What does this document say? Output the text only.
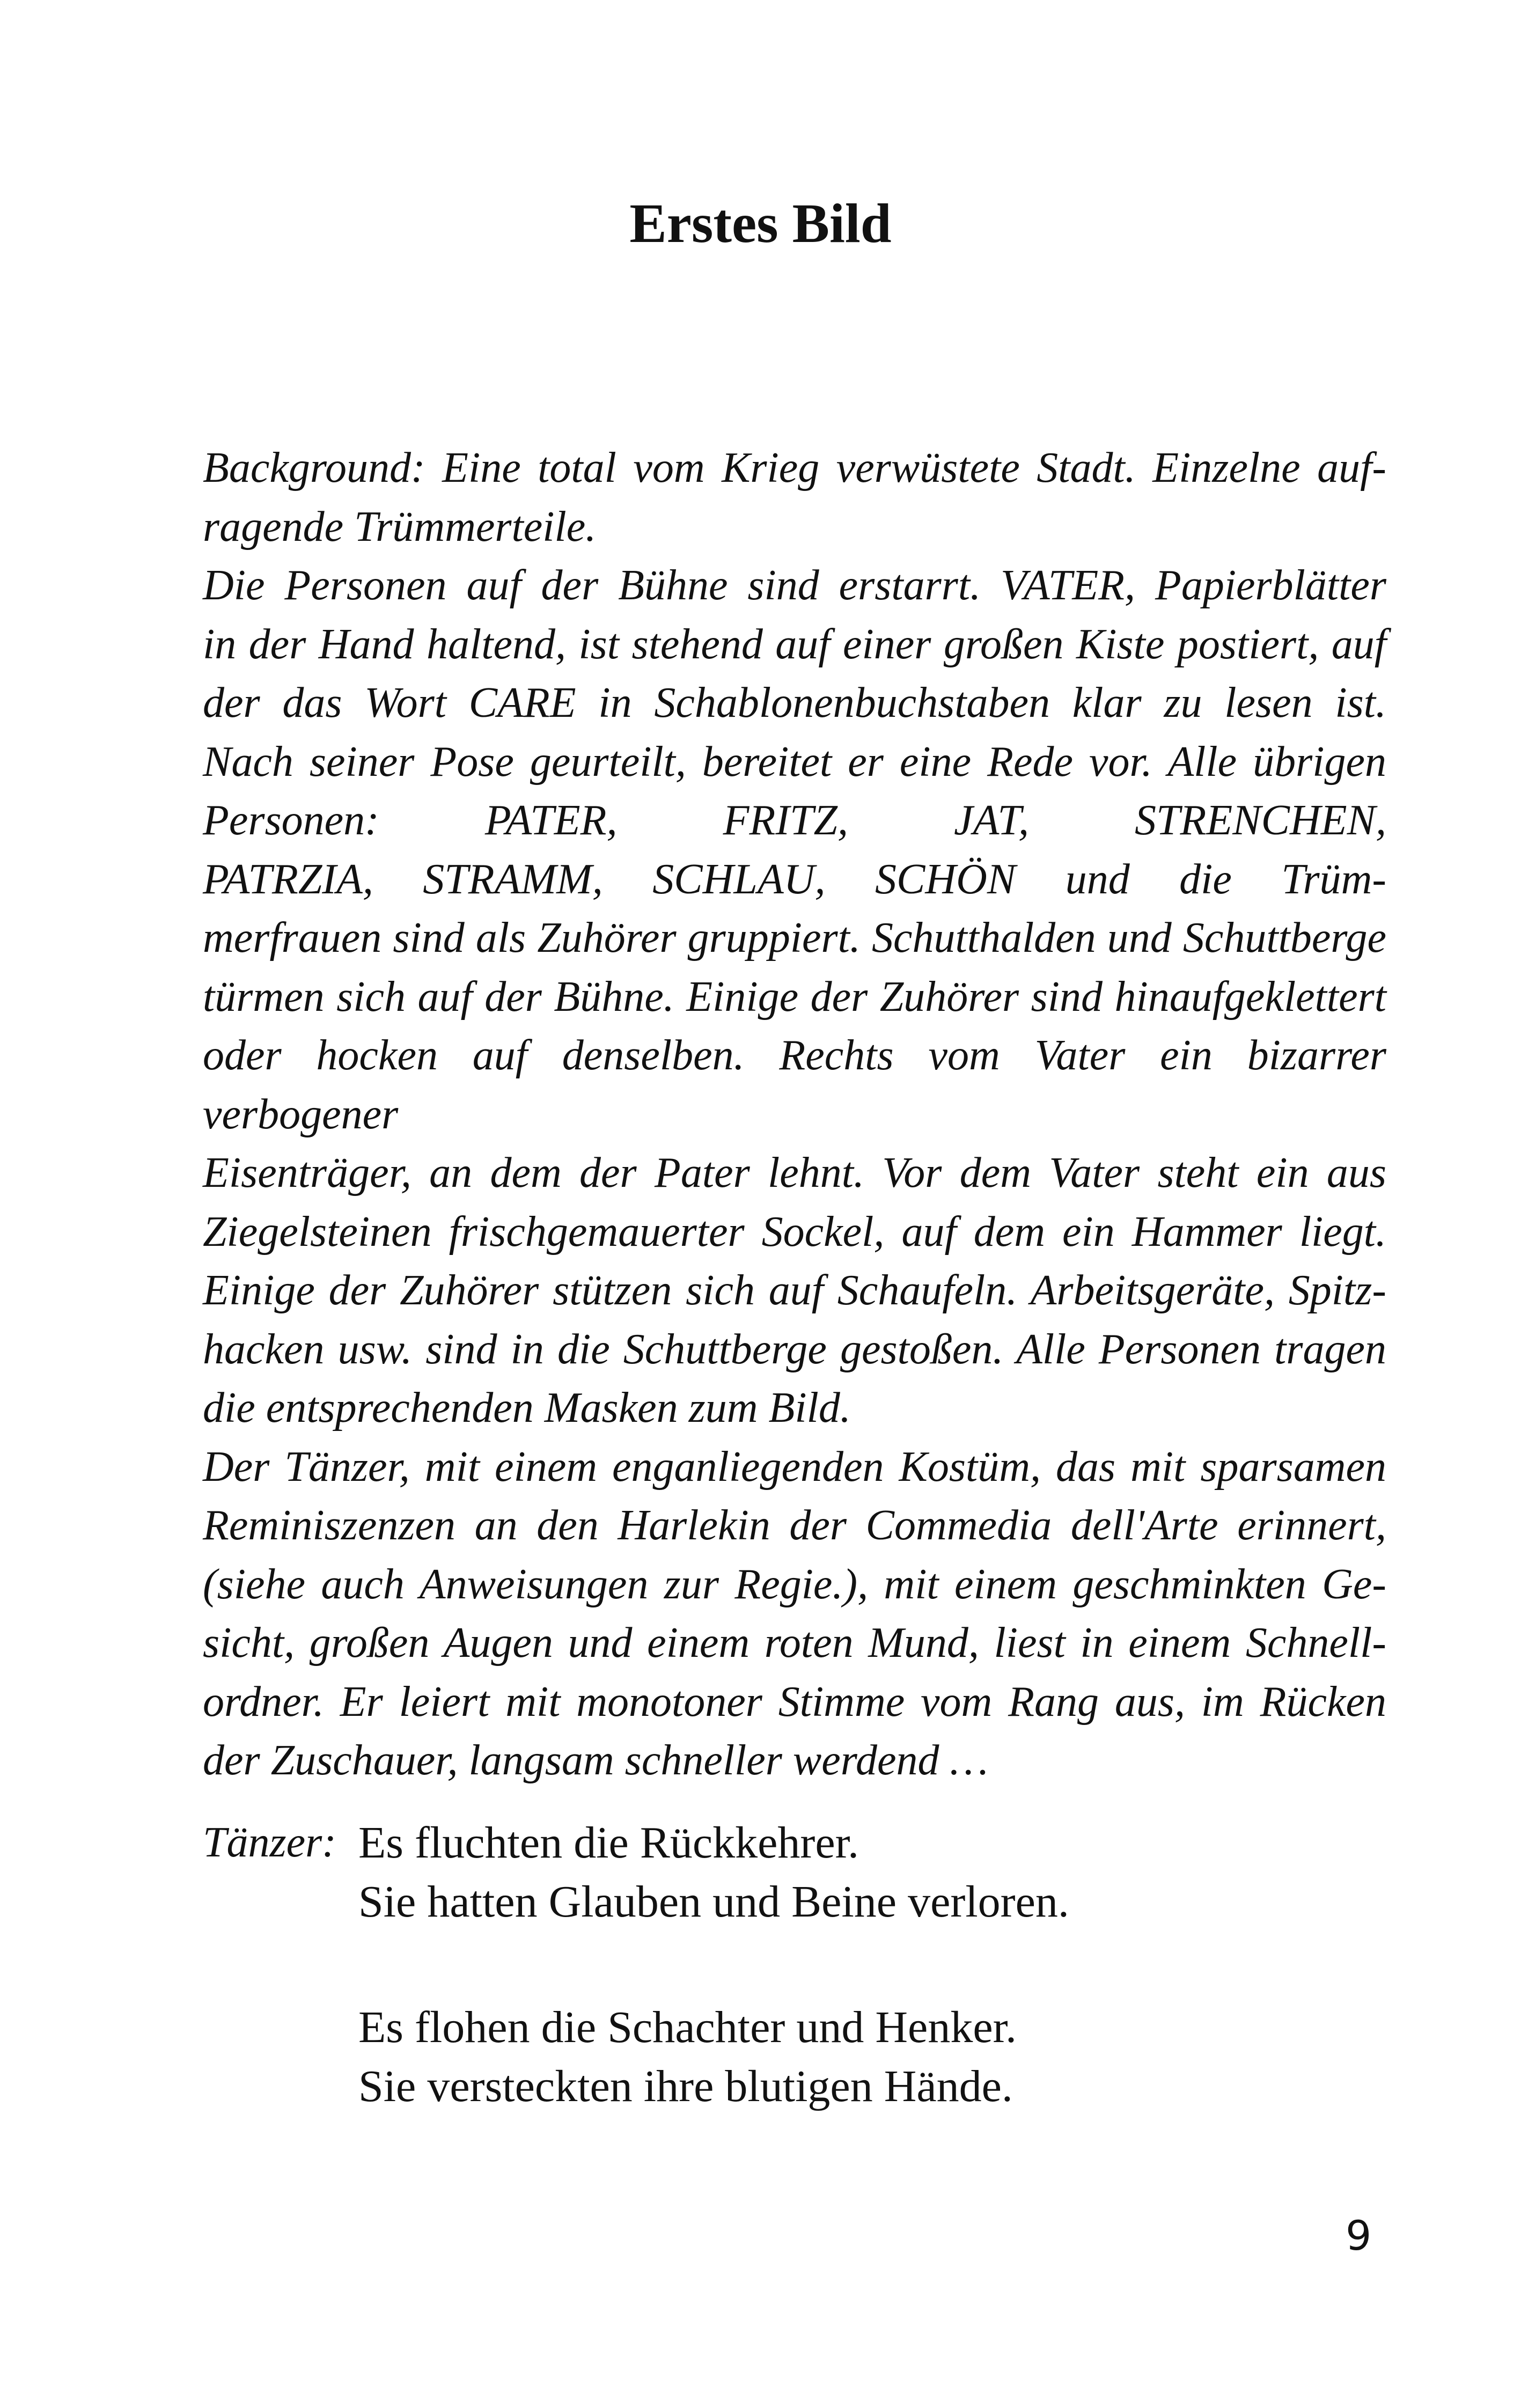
Erstes Bild
Background: Eine total vom Krieg verwüstete Stadt. Einzelne auf-
ragende Trümmerteile.
Die Personen auf der Bühne sind erstarrt. VATER, Papierblätter
in der Hand haltend, ist stehend auf einer großen Kiste postiert, auf
der das Wort CARE in Schablonenbuchstaben klar zu lesen ist.
Nach seiner Pose geurteilt, bereitet er eine Rede vor. Alle übrigen
Personen: PATER, FRITZ, JAT, STRENCHEN,
PATRZIA, STRAMM, SCHLAU, SCHÖN und die Trüm-
merfrauen sind als Zuhörer gruppiert. Schutthalden und Schuttberge
türmen sich auf der Bühne. Einige der Zuhörer sind hinaufgeklettert
oder hocken auf denselben. Rechts vom Vater ein bizarrer verbogener
Eisenträger, an dem der Pater lehnt. Vor dem Vater steht ein aus
Ziegelsteinen frischgemauerter Sockel, auf dem ein Hammer liegt.
Einige der Zuhörer stützen sich auf Schaufeln. Arbeitsgeräte, Spitz-
hacken usw. sind in die Schuttberge gestoßen. Alle Personen tragen
die entsprechenden Masken zum Bild.
Der Tänzer, mit einem enganliegenden Kostüm, das mit sparsamen
Reminiszenzen an den Harlekin der Commedia dell'Arte erinnert,
(siehe auch Anweisungen zur Regie.), mit einem geschminkten Ge-
sicht, großen Augen und einem roten Mund, liest in einem Schnell-
ordner. Er leiert mit monotoner Stimme vom Rang aus, im Rücken
der Zuschauer, langsam schneller werdend …
Tänzer: Es fluchten die Rückkehrer.
Sie hatten Glauben und Beine verloren.
Es flohen die Schachter und Henker.
Sie versteckten ihre blutigen Hände.
9
